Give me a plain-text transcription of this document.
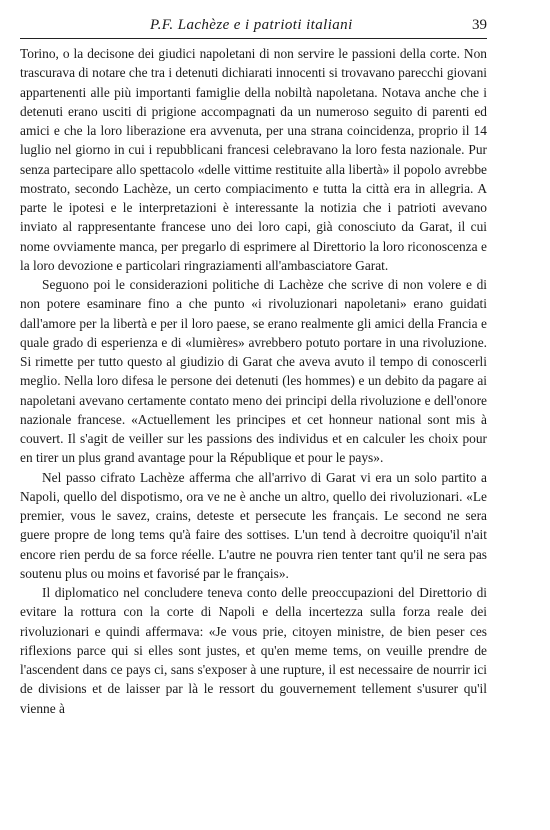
P.F. Lachèze e i patrioti italiani	39

Torino, o la decisone dei giudici napoletani di non servire le passioni della corte. Non trascurava di notare che tra i detenuti dichiarati innocenti si trovavano parecchi giovani appartenenti alle più importanti famiglie della nobiltà napoletana. Notava anche che i detenuti erano usciti di prigione accompagnati da un numeroso seguito di parenti ed amici e che la loro liberazione era avvenuta, per una strana coincidenza, proprio il 14 luglio nel giorno in cui i repubblicani francesi celebravano la loro festa nazionale. Pur senza partecipare allo spettacolo «delle vittime restituite alla libertà» il popolo avrebbe mostrato, secondo Lachèze, un certo compiacimento e tutta la città era in allegria. A parte le ipotesi e le interpretazioni è interessante la notizia che i patrioti avevano inviato al rappresentante francese uno dei loro capi, già conosciuto da Garat, il cui nome ovviamente manca, per pregarlo di esprimere al Direttorio la loro riconoscenza e la loro devozione e particolari ringraziamenti all'ambasciatore Garat.

Seguono poi le considerazioni politiche di Lachèze che scrive di non volere e di non potere esaminare fino a che punto «i rivoluzionari napoletani» erano guidati dall'amore per la libertà e per il loro paese, se erano realmente gli amici della Francia e quale grado di esperienza e di «lumières» avrebbero potuto portare in una rivoluzione. Si rimette per tutto questo al giudizio di Garat che aveva avuto il tempo di conoscerli meglio. Nella loro difesa le persone dei detenuti (les hommes) e un debito da pagare ai napoletani avevano certamente contato meno dei principi della rivoluzione e dell'onore nazionale francese. «Actuellement les principes et cet honneur national sont mis à couvert. Il s'agit de veiller sur les passions des individus et en calculer les choix pour en tirer un plus grand avantage pour la République et pour le pays».

Nel passo cifrato Lachèze afferma che all'arrivo di Garat vi era un solo partito a Napoli, quello del dispotismo, ora ve ne è anche un altro, quello dei rivoluzionari. «Le premier, vous le savez, crains, deteste et persecute les français. Le second ne sera guere propre de long tems qu'à faire des sottises. L'un tend à decroitre quoiqu'il n'ait encore rien perdu de sa force réelle. L'autre ne pouvra rien tenter tant qu'il ne sera pas soutenu plus ou moins et favorisé par le français».

Il diplomatico nel concludere teneva conto delle preoccupazioni del Direttorio di evitare la rottura con la corte di Napoli e della incertezza sulla forza reale dei rivoluzionari e quindi affermava: «Je vous prie, citoyen ministre, de bien peser ces riflexions parce qui si elles sont justes, et qu'en meme tems, on veuille prendre de l'ascendent dans ce pays ci, sans s'exposer à une rupture, il est necessaire de nourrir ici de divisions et de laisser par là le ressort du gouvernement tellement s'usurer qu'il vienne à
